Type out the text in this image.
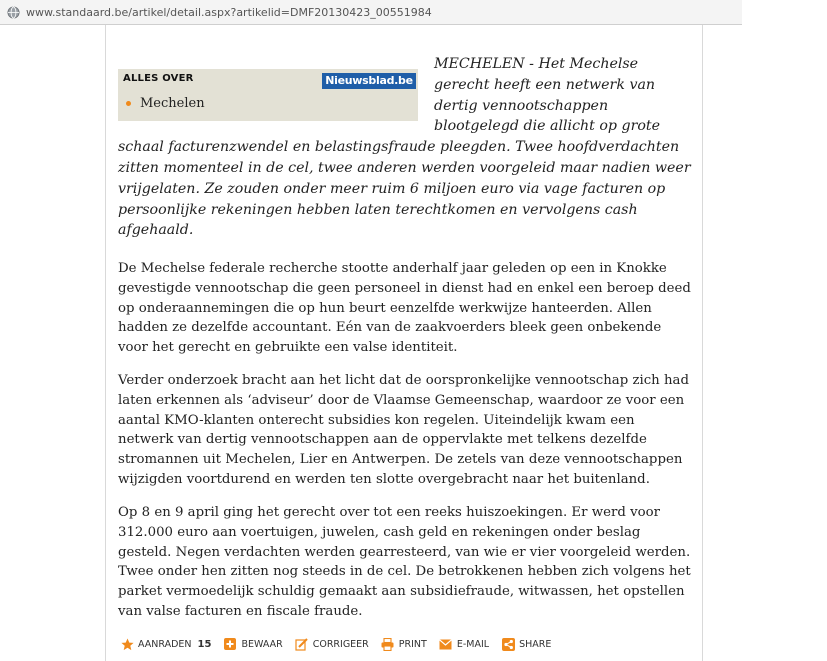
www.standaard.be/artikel/detail.aspx?artikelid=DMF20130423_00551984

MECHELEN - Het Mechelse gerecht heeft een netwerk van dertig vennootschappen blootgelegd die allicht op grote schaal facturenzwendel en belastingsfraude pleegden. Twee hoofdverdachten zitten momenteel in de cel, twee anderen werden voorgeleid maar nadien weer vrijgelaten. Ze zouden onder meer ruim 6 miljoen euro via vage facturen op persoonlijke rekeningen hebben laten terechtkomen en vervolgens cash afgehaald.

ALLES OVER	Nieuwsblad.be
Mechelen

De Mechelse federale recherche stootte anderhalf jaar geleden op een in Knokke gevestigde vennootschap die geen personeel in dienst had en enkel een beroep deed op onderaannemingen die op hun beurt eenzelfde werkwijze hanteerden. Allen hadden ze dezelfde accountant. Eén van de zaakvoerders bleek geen onbekende voor het gerecht en gebruikte een valse identiteit.

Verder onderzoek bracht aan het licht dat de oorspronkelijke vennootschap zich had laten erkennen als ‘adviseur’ door de Vlaamse Gemeenschap, waardoor ze voor een aantal KMO-klanten onterecht subsidies kon regelen. Uiteindelijk kwam een netwerk van dertig vennootschappen aan de oppervlakte met telkens dezelfde stromannen uit Mechelen, Lier en Antwerpen. De zetels van deze vennootschappen wijzigden voortdurend en werden ten slotte overgebracht naar het buitenland.

Op 8 en 9 april ging het gerecht over tot een reeks huiszoekingen. Er werd voor 312.000 euro aan voertuigen, juwelen, cash geld en rekeningen onder beslag gesteld. Negen verdachten werden gearresteerd, van wie er vier voorgeleid werden. Twee onder hen zitten nog steeds in de cel. De betrokkenen hebben zich volgens het parket vermoedelijk schuldig gemaakt aan subsidiefraude, witwassen, het opstellen van valse facturen en fiscale fraude.

AANRADEN 15	BEWAAR	CORRIGEER	PRINT	E-MAIL	SHARE
